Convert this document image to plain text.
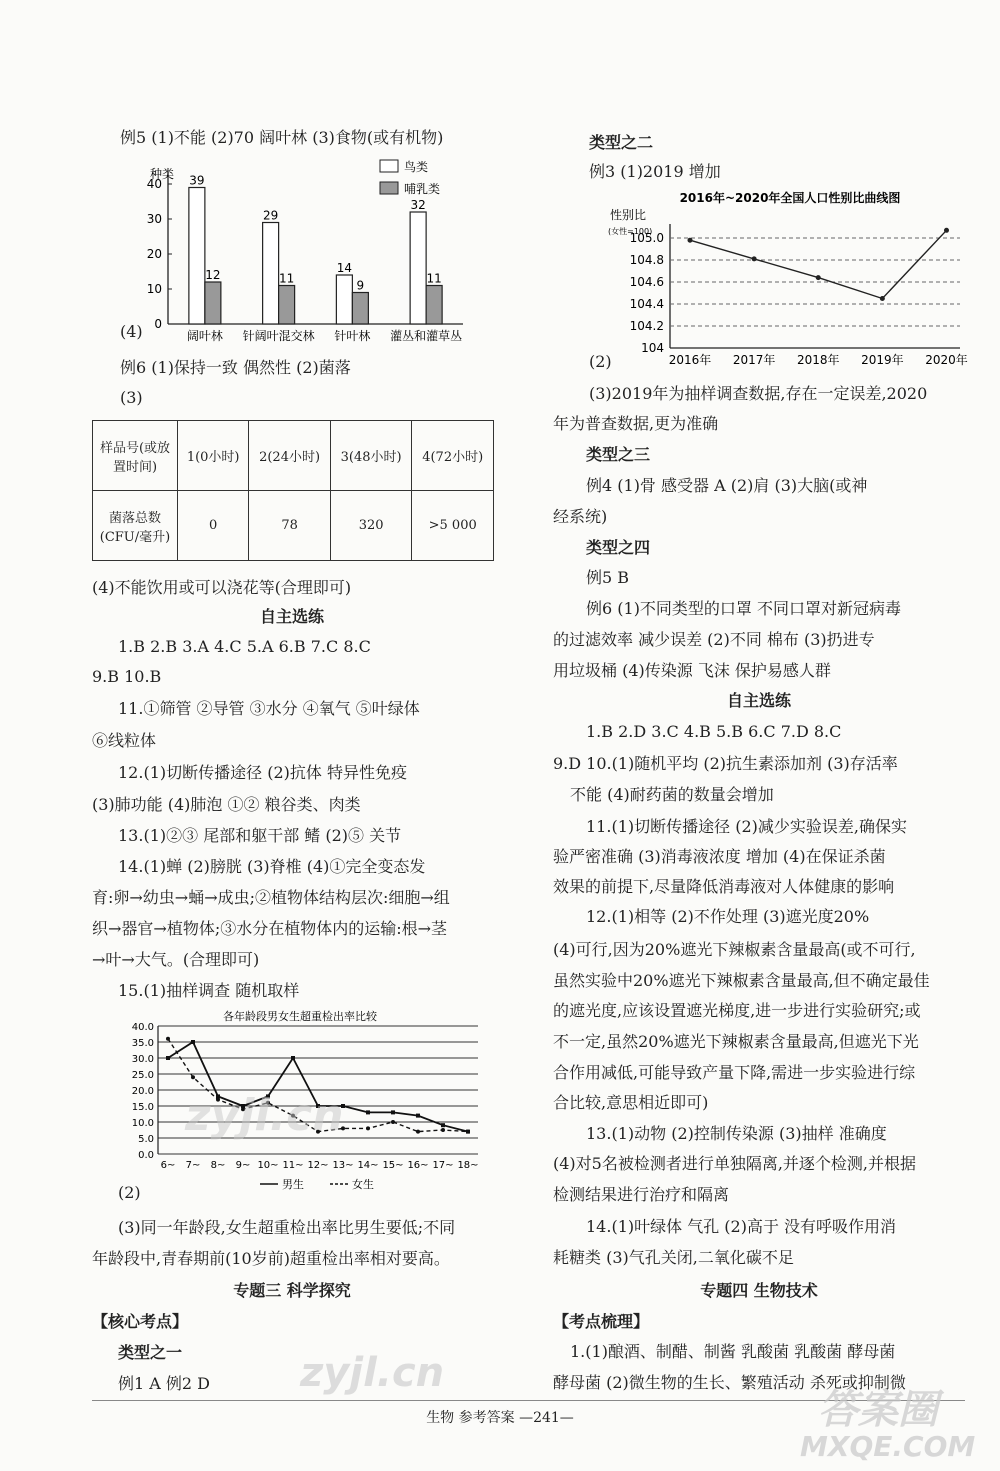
例5 (1)不能 (2)70 阔叶林 (3)食物(或有机物)
种类
0
10
20
30
40 39
12
阔叶林
29
11
针阔叶混交林
14
9
针叶林
32
11
灌丛和灌草丛
鸟类
哺乳类
(4)
例6 (1)保持一致 偶然性 (2)菌落
(3)
样品号(或放置时间)	1(0小时)	2(24小时)	3(48小时)	4(72小时)
菌落总数(CFU/毫升)	0	78	320	>5 000
(4)不能饮用或可以浇花等(合理即可)
自主选练
1.B 2.B 3.A 4.C 5.A 6.B 7.C 8.C
9.B 10.B
11.①筛管 ②导管 ③水分 ④氧气 ⑤叶绿体
⑥线粒体
12.(1)切断传播途径 (2)抗体 特异性免疫
(3)肺功能 (4)肺泡 ①② 粮谷类、肉类
13.(1)②③ 尾部和躯干部 鳍 (2)⑤ 关节
14.(1)蝉 (2)膀胱 (3)脊椎 (4)①完全变态发
育:卵→幼虫→蛹→成虫;②植物体结构层次:细胞→组
织→器官→植物体;③水分在植物体内的运输:根→茎
→叶→大气。(合理即可)
15.(1)抽样调查 随机取样
各年龄段男女生超重检出率比较
0.0
5.0
10.0
15.0
20.0
25.0
30.0
35.0
40.0
6~ 7~ 8~ 9~ 10~ 11~ 12~ 13~ 14~ 15~ 16~ 17~ 18~
男生	女生
(2)
(3)同一年龄段,女生超重检出率比男生要低;不同
年龄段中,青春期前(10岁前)超重检出率相对要高。
专题三 科学探究
【核心考点】
类型之一
例1 A 例2 D
类型之二
例3 (1)2019 增加
2016年~2020年全国人口性别比曲线图
性别比
(女性=100)
104
104.2
104.4
104.6
104.8
105.0
2016年 2017年 2018年 2019年 2020年
(2)
(3)2019年为抽样调查数据,存在一定误差,2020
年为普查数据,更为准确
类型之三
例4 (1)骨 感受器 A (2)肩 (3)大脑(或神
经系统)
类型之四
例5 B
例6 (1)不同类型的口罩 不同口罩对新冠病毒
的过滤效率 减少误差 (2)不同 棉布 (3)扔进专
用垃圾桶 (4)传染源 飞沫 保护易感人群
自主选练
1.B 2.D 3.C 4.B 5.B 6.C 7.D 8.C
9.D 10.(1)随机平均 (2)抗生素添加剂 (3)存活率
不能 (4)耐药菌的数量会增加
11.(1)切断传播途径 (2)减少实验误差,确保实
验严密准确 (3)消毒液浓度 增加 (4)在保证杀菌
效果的前提下,尽量降低消毒液对人体健康的影响
12.(1)相等 (2)不作处理 (3)遮光度20%
(4)可行,因为20%遮光下辣椒素含量最高(或不可行,
虽然实验中20%遮光下辣椒素含量最高,但不确定最佳
的遮光度,应该设置遮光梯度,进一步进行实验研究;或
不一定,虽然20%遮光下辣椒素含量最高,但遮光下光
合作用减低,可能导致产量下降,需进一步实验进行综
合比较,意思相近即可)
13.(1)动物 (2)控制传染源 (3)抽样 准确度
(4)对5名被检测者进行单独隔离,并逐个检测,并根据
检测结果进行治疗和隔离
14.(1)叶绿体 气孔 (2)高于 没有呼吸作用消
耗糖类 (3)气孔关闭,二氧化碳不足
专题四 生物技术
【考点梳理】
1.(1)酿酒、制醋、制酱 乳酸菌 乳酸菌 酵母菌
酵母菌 (2)微生物的生长、繁殖活动 杀死或抑制微
生物 参考答案 —241—
zyjl.cn
zyjl.cn
答案圈
MXQE.COM
